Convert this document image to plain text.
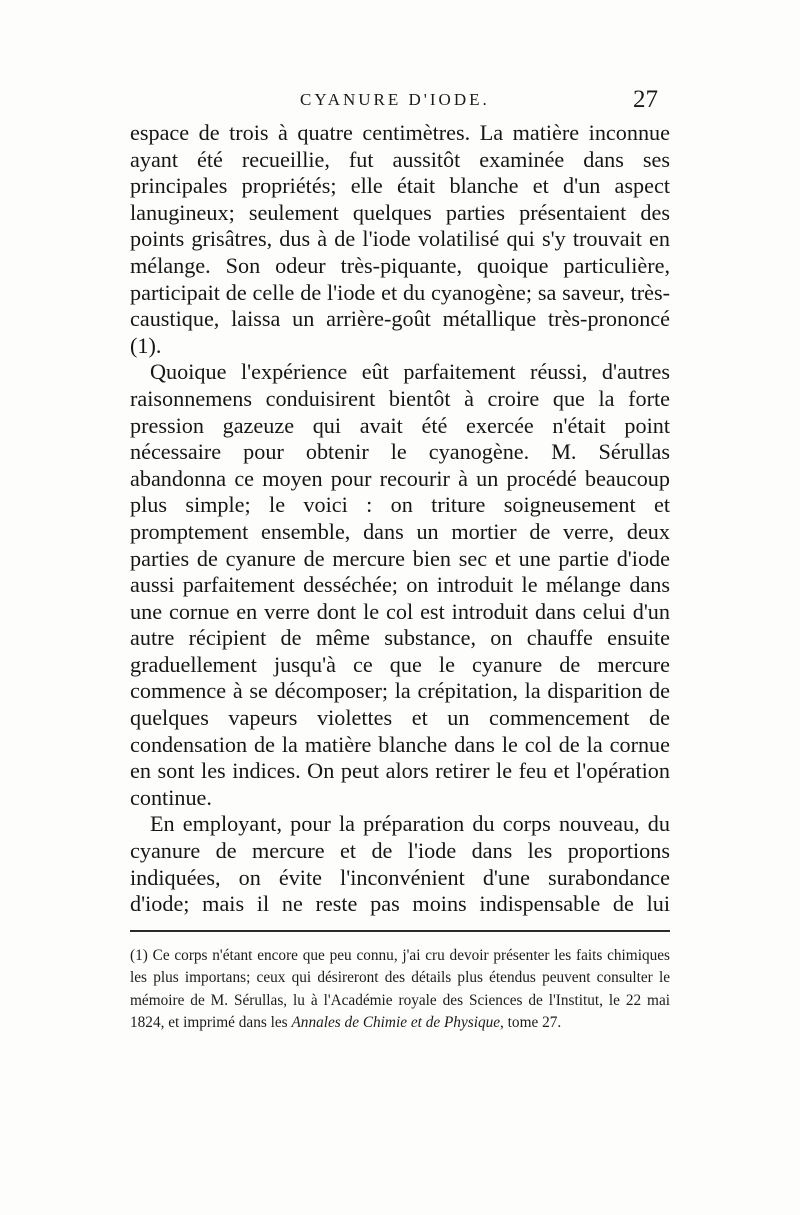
CYANURE D'IODE.	27

espace de trois à quatre centimètres. La matière inconnue ayant été recueillie, fut aussitôt examinée dans ses principales propriétés; elle était blanche et d'un aspect lanugineux; seulement quelques parties présentaient des points grisâtres, dus à de l'iode volatilisé qui s'y trouvait en mélange. Son odeur très-piquante, quoique particulière, participait de celle de l'iode et du cyanogène; sa saveur, très-caustique, laissa un arrière-goût métallique très-prononcé (1).

Quoique l'expérience eût parfaitement réussi, d'autres raisonnemens conduisirent bientôt à croire que la forte pression gazeuze qui avait été exercée n'était point nécessaire pour obtenir le cyanogène. M. Sérullas abandonna ce moyen pour recourir à un procédé beaucoup plus simple; le voici : on triture soigneusement et promptement ensemble, dans un mortier de verre, deux parties de cyanure de mercure bien sec et une partie d'iode aussi parfaitement desséchée; on introduit le mélange dans une cornue en verre dont le col est introduit dans celui d'un autre récipient de même substance, on chauffe ensuite graduellement jusqu'à ce que le cyanure de mercure commence à se décomposer; la crépitation, la disparition de quelques vapeurs violettes et un commencement de condensation de la matière blanche dans le col de la cornue en sont les indices. On peut alors retirer le feu et l'opération continue.

En employant, pour la préparation du corps nouveau, du cyanure de mercure et de l'iode dans les proportions indiquées, on évite l'inconvénient d'une surabondance d'iode; mais il ne reste pas moins indispensable de lui

(1) Ce corps n'étant encore que peu connu, j'ai cru devoir présenter les faits chimiques les plus importans; ceux qui désireront des détails plus étendus peuvent consulter le mémoire de M. Sérullas, lu à l'Académie royale des Sciences de l'Institut, le 22 mai 1824, et imprimé dans les Annales de Chimie et de Physique, tome 27.
